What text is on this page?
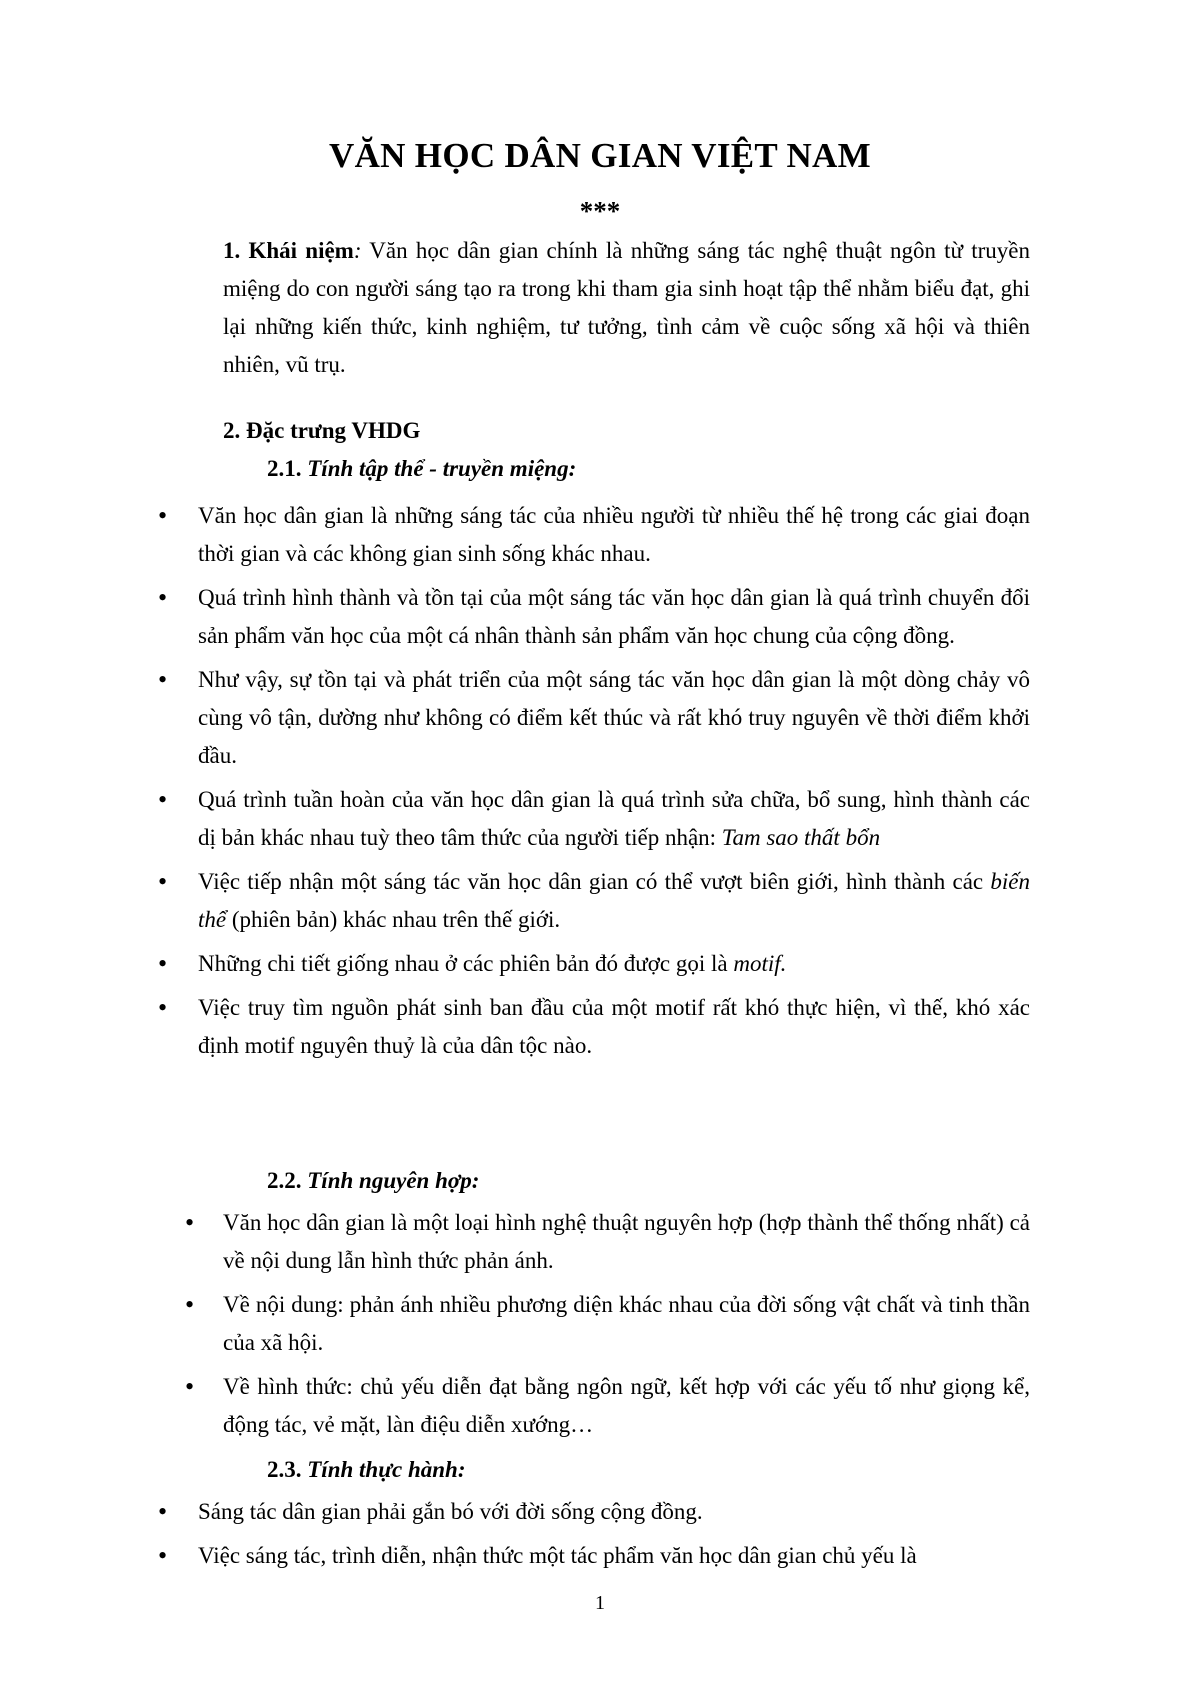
VĂN HỌC DÂN GIAN VIỆT NAM
***
1. Khái niệm: Văn học dân gian chính là những sáng tác nghệ thuật ngôn từ truyền miệng do con người sáng tạo ra trong khi tham gia sinh hoạt tập thể nhằm biểu đạt, ghi lại những kiến thức, kinh nghiệm, tư tưởng, tình cảm về cuộc sống xã hội và thiên nhiên, vũ trụ.
2. Đặc trưng VHDG
2.1. Tính tập thể - truyền miệng:
• Văn học dân gian là những sáng tác của nhiều người từ nhiều thế hệ trong các giai đoạn thời gian và các không gian sinh sống khác nhau.
• Quá trình hình thành và tồn tại của một sáng tác văn học dân gian là quá trình chuyển đổi sản phẩm văn học của một cá nhân thành sản phẩm văn học chung của cộng đồng.
• Như vậy, sự tồn tại và phát triển của một sáng tác văn học dân gian là một dòng chảy vô cùng vô tận, dường như không có điểm kết thúc và rất khó truy nguyên về thời điểm khởi đầu.
• Quá trình tuần hoàn của văn học dân gian là quá trình sửa chữa, bổ sung, hình thành các dị bản khác nhau tuỳ theo tâm thức của người tiếp nhận: Tam sao thất bổn
• Việc tiếp nhận một sáng tác văn học dân gian có thể vượt biên giới, hình thành các biến thể (phiên bản) khác nhau trên thế giới.
• Những chi tiết giống nhau ở các phiên bản đó được gọi là motif.
• Việc truy tìm nguồn phát sinh ban đầu của một motif rất khó thực hiện, vì thế, khó xác định motif nguyên thuỷ là của dân tộc nào.
2.2. Tính nguyên hợp:
• Văn học dân gian là một loại hình nghệ thuật nguyên hợp (hợp thành thể thống nhất) cả về nội dung lẫn hình thức phản ánh.
• Về nội dung: phản ánh nhiều phương diện khác nhau của đời sống vật chất và tinh thần của xã hội.
• Về hình thức: chủ yếu diễn đạt bằng ngôn ngữ, kết hợp với các yếu tố như giọng kể, động tác, vẻ mặt, làn điệu diễn xướng…
2.3. Tính thực hành:
• Sáng tác dân gian phải gắn bó với đời sống cộng đồng.
• Việc sáng tác, trình diễn, nhận thức một tác phẩm văn học dân gian chủ yếu là
1
